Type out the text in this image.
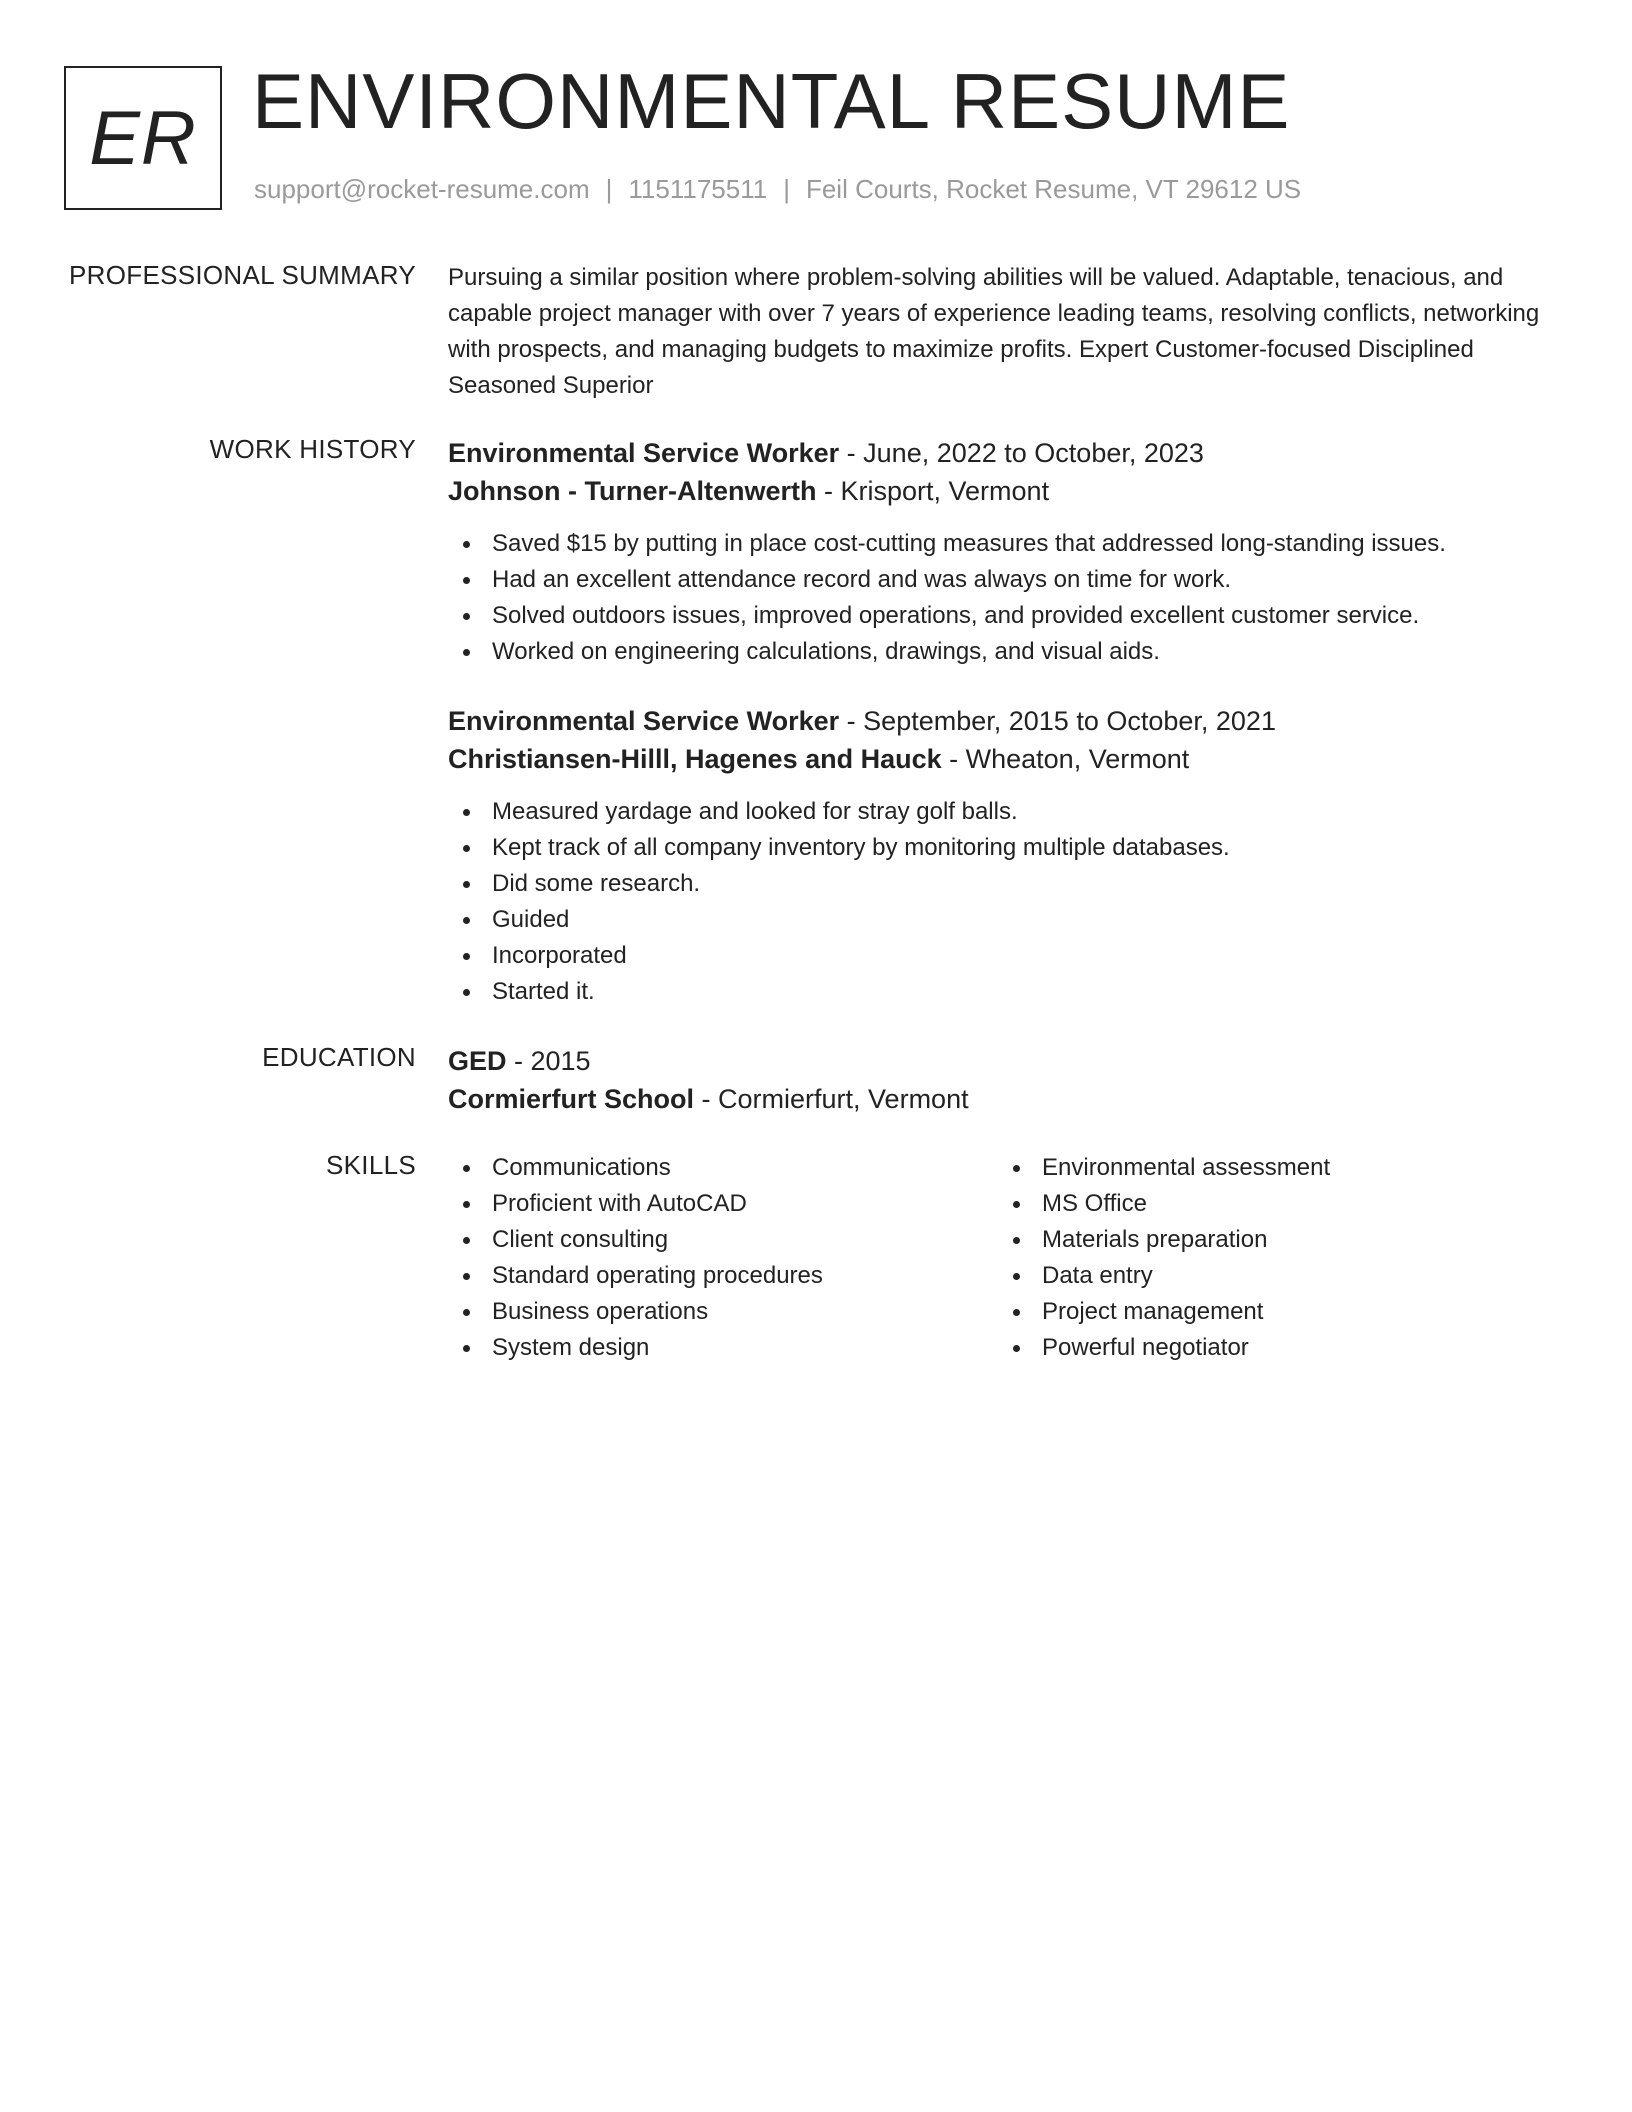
ER ENVIRONMENTAL RESUME
support@rocket-resume.com | 1151175511 | Feil Courts, Rocket Resume, VT 29612 US
PROFESSIONAL SUMMARY Pursuing a similar position where problem-solving abilities will be valued. Adaptable, tenacious, and capable project manager with over 7 years of experience leading teams, resolving conflicts, networking with prospects, and managing budgets to maximize profits. Expert Customer-focused Disciplined Seasoned Superior

WORK HISTORY Environmental Service Worker - June, 2022 to October, 2023
Johnson - Turner-Altenwerth - Krisport, Vermont
Saved $15 by putting in place cost-cutting measures that addressed long-standing issues.
Had an excellent attendance record and was always on time for work.
Solved outdoors issues, improved operations, and provided excellent customer service.
Worked on engineering calculations, drawings, and visual aids.
Environmental Service Worker - September, 2015 to October, 2021
Christiansen-Hilll, Hagenes and Hauck - Wheaton, Vermont
Measured yardage and looked for stray golf balls.
Kept track of all company inventory by monitoring multiple databases.
Did some research.
Guided
Incorporated
Started it.
EDUCATION GED - 2015
Cormierfurt School - Cormierfurt, Vermont
SKILLS	Communications
Proficient with AutoCAD
Client consulting
Standard operating procedures
Business operations
System design
Environmental assessment
MS Office
Materials preparation
Data entry
Project management
Powerful negotiator
